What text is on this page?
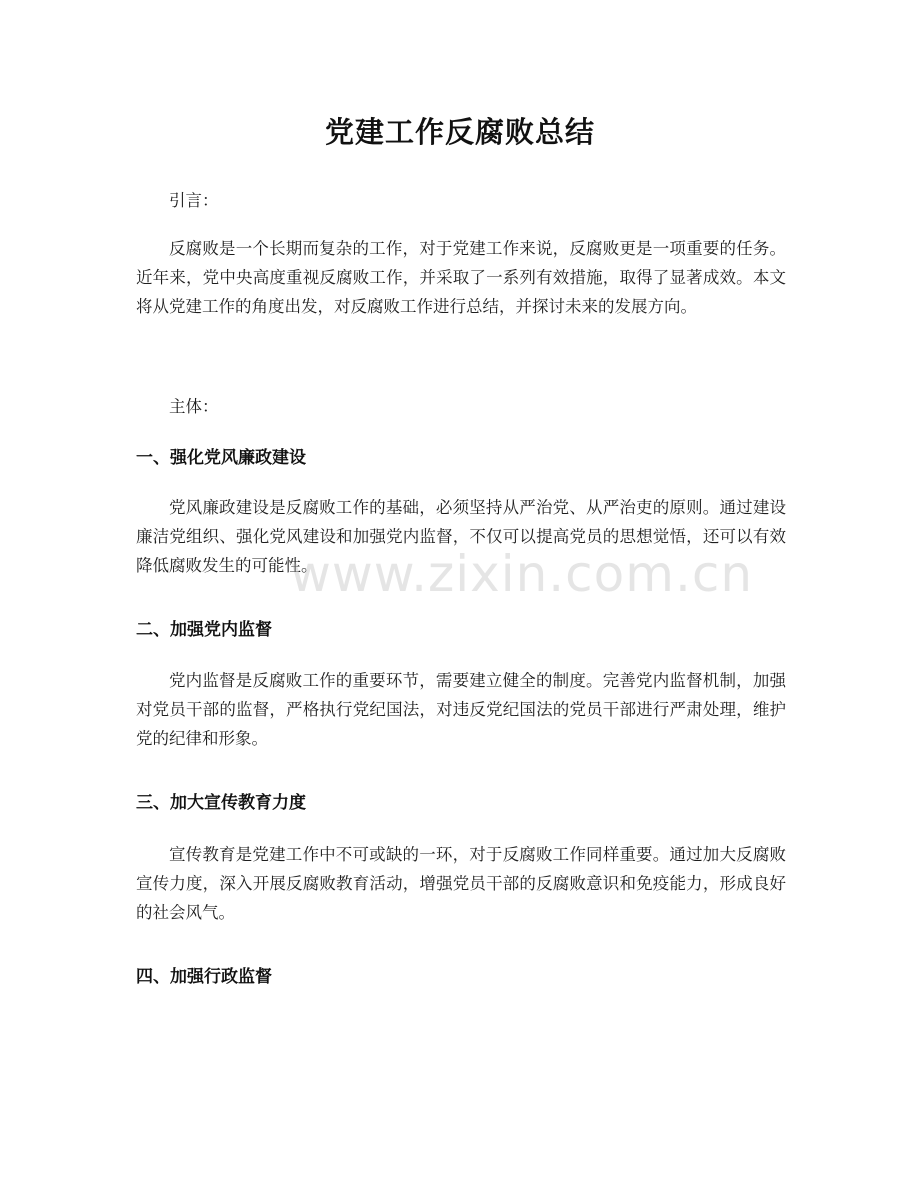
党建工作反腐败总结

引言：

反腐败是一个长期而复杂的工作，对于党建工作来说，反腐败更是一项重要的任务。近年来，党中央高度重视反腐败工作，并采取了一系列有效措施，取得了显著成效。本文将从党建工作的角度出发，对反腐败工作进行总结，并探讨未来的发展方向。

主体：

一、强化党风廉政建设

党风廉政建设是反腐败工作的基础，必须坚持从严治党、从严治吏的原则。通过建设廉洁党组织、强化党风建设和加强党内监督，不仅可以提高党员的思想觉悟，还可以有效降低腐败发生的可能性。

二、加强党内监督

党内监督是反腐败工作的重要环节，需要建立健全的制度。完善党内监督机制，加强对党员干部的监督，严格执行党纪国法，对违反党纪国法的党员干部进行严肃处理，维护党的纪律和形象。

三、加大宣传教育力度

宣传教育是党建工作中不可或缺的一环，对于反腐败工作同样重要。通过加大反腐败宣传力度，深入开展反腐败教育活动，增强党员干部的反腐败意识和免疫能力，形成良好的社会风气。

四、加强行政监督
www.zixin.com.cn
